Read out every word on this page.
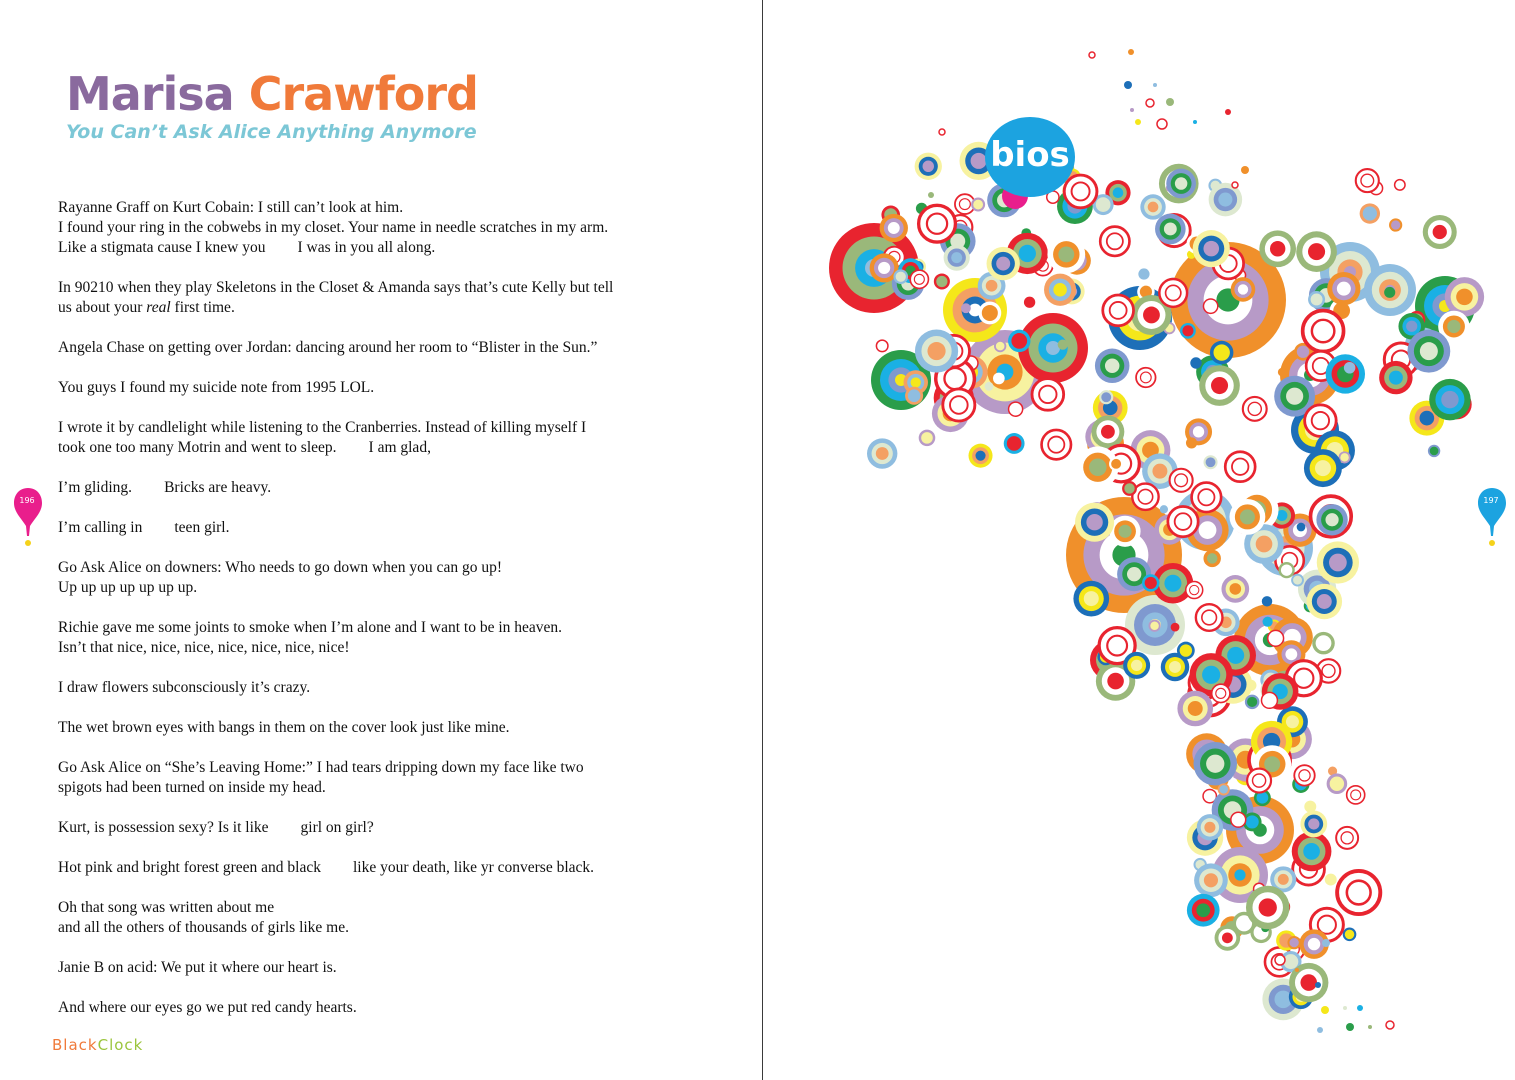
Marisa Crawford
You Can’t Ask Alice Anything Anymore
Rayanne Graff on Kurt Cobain: I still can’t look at him.
I found your ring in the cobwebs in my closet. Your name in needle scratches in my arm.
Like a stigmata cause I knew you I was in you all along.
In 90210 when they play Skeletons in the Closet & Amanda says that’s cute Kelly but tell
us about your real first time.
Angela Chase on getting over Jordan: dancing around her room to “Blister in the Sun.”
You guys I found my suicide note from 1995 LOL.
I wrote it by candlelight while listening to the Cranberries. Instead of killing myself I
took one too many Motrin and went to sleep. I am glad,
I’m gliding. Bricks are heavy.
I’m calling in teen girl.
Go Ask Alice on downers: Who needs to go down when you can go up!
Up up up up up up up.
Richie gave me some joints to smoke when I’m alone and I want to be in heaven.
Isn’t that nice, nice, nice, nice, nice, nice, nice!
I draw flowers subconsciously it’s crazy.
The wet brown eyes with bangs in them on the cover look just like mine.
Go Ask Alice on “She’s Leaving Home:” I had tears dripping down my face like two
spigots had been turned on inside my head.
Kurt, is possession sexy? Is it like girl on girl?
Hot pink and bright forest green and black like your death, like yr converse black.
Oh that song was written about me
and all the others of thousands of girls like me.
Janie B on acid: We put it where our heart is.
And where our eyes go we put red candy hearts.
196
BlackClock
197
bios
